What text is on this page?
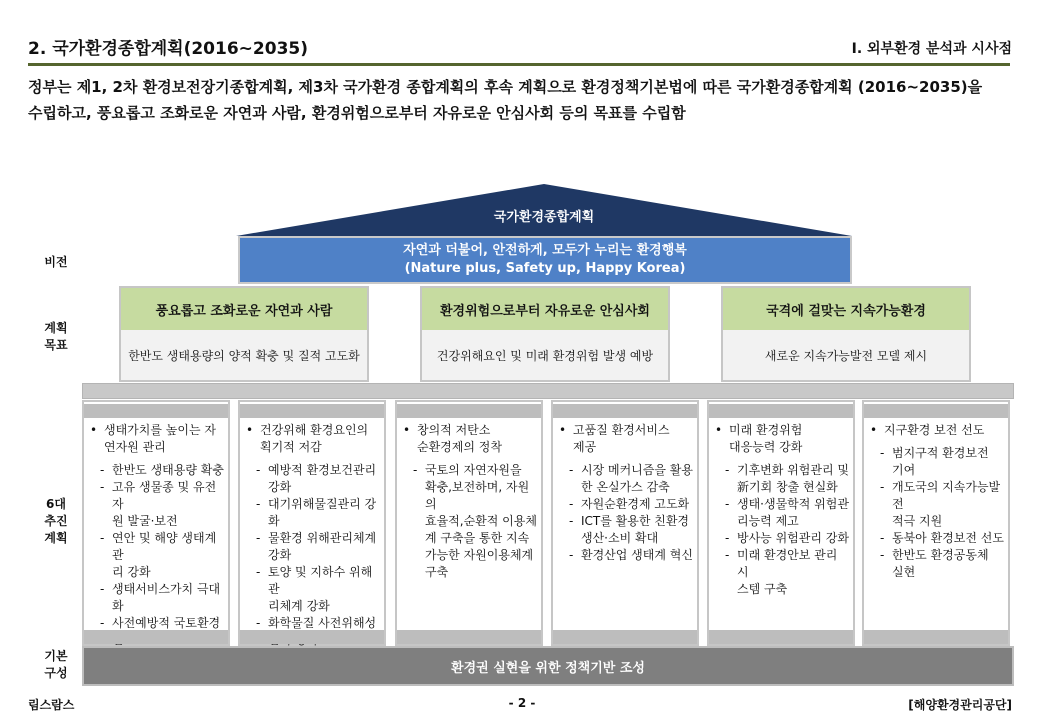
2. 국가환경종합계획(2016~2035)	I. 외부환경 분석과 시사점
정부는 제1, 2차 환경보전장기종합계획, 제3차 국가환경 종합계획의 후속 계획으로 환경정책기본법에 따른 국가환경종합계획 (2016~2035)을
수립하고, 풍요롭고 조화로운 자연과 사람, 환경위험으로부터 자유로운 안심사회 등의 목표를 수립함
국가환경종합계획
비전
자연과 더불어, 안전하게, 모두가 누리는 환경행복
(Nature plus, Safety up, Happy Korea)
계획
목표
풍요롭고 조화로운 자연과 사람
한반도 생태용량의 양적 확충 및 질적 고도화
환경위험으로부터 자유로운 안심사회
건강위해요인 및 미래 환경위험 발생 예방
국격에 걸맞는 지속가능환경
새로운 지속가능발전 모델 제시
6대
추진
계획
• 생태가치를 높이는 자
연자원 관리
- 한반도 생태용량 확충
- 고유 생물종 및 유전자
원 발굴·보전
- 연안 및 해양 생태계 관
리 강화
- 생태서비스가치 극대화
- 사전예방적 국토환경
• 건강위해 환경요인의
획기적 저감
- 예방적 환경보건관리
강화
- 대기위해물질관리 강화
- 물환경 위해관리체계
강화
- 토양 및 지하수 위해관
리체계 강화
- 화학물질 사전위해성
• 창의적 저탄소
순환경제의 정착
- 국토의 자연자원을
확충,보전하며, 자원의
효율적,순환적 이용체
계 구축을 통한 지속
가능한 자원이용체계
구축
• 고품질 환경서비스
제공
- 시장 메커니즘을 활용
한 온실가스 감축
- 자원순환경제 고도화
- ICT를 활용한 친환경
생산·소비 확대
- 환경산업 생태계 혁신
• 미래 환경위험
대응능력 강화
- 기후변화 위험관리 및
新기회 창출 현실화
- 생태·생물학적 위험관
리능력 제고
- 방사능 위험관리 강화
- 미래 환경안보 관리 시
스템 구축
• 지구환경 보전 선도
- 범지구적 환경보전
기여
- 개도국의 지속가능발전
적극 지원
- 동북아 환경보전 선도
- 한반도 환경공동체
실현
기본
구성	환경권 실현을 위한 정책기반 조성
림스람스	- 2 -	[해양환경관리공단]
